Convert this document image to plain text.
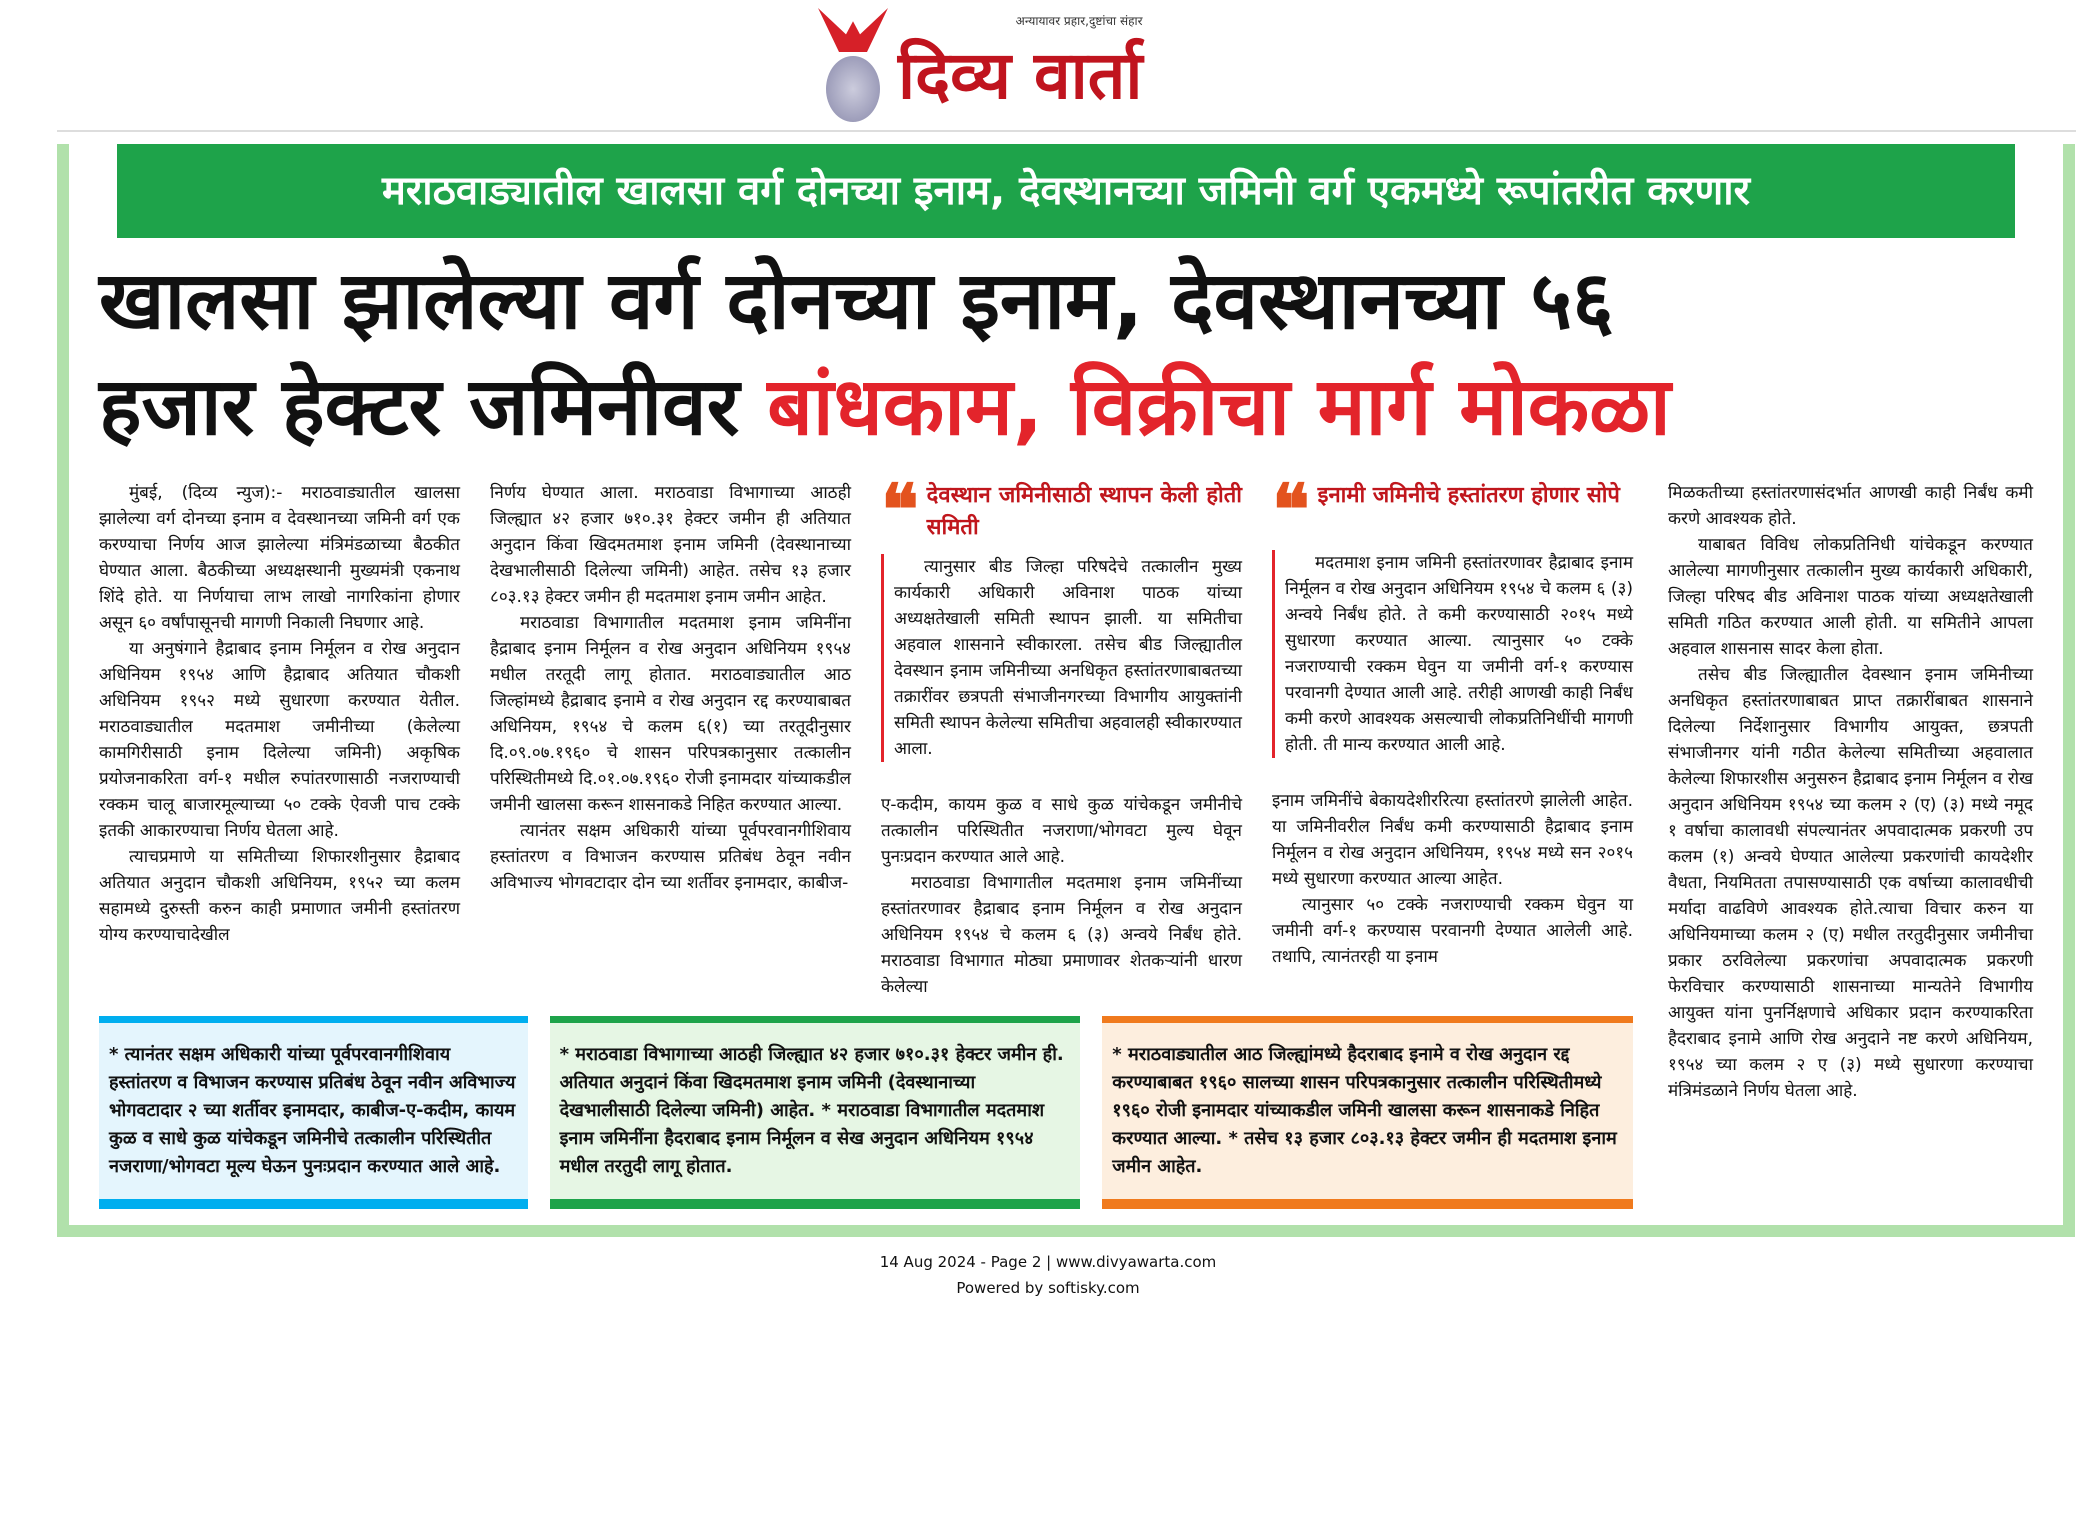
अन्यायावर प्रहार,दुष्टांचा संहार
दिव्य वार्ता
मराठवाड्यातील खालसा वर्ग दोनच्या इनाम, देवस्थानच्या जमिनी वर्ग एकमध्ये रूपांतरीत करणार
खालसा झालेल्या वर्ग दोनच्या इनाम, देवस्थानच्या ५६
हजार हेक्टर जमिनीवर बांधकाम, विक्रीचा मार्ग मोकळा

मुंबई, (दिव्य न्युज):- मराठवाड्यातील खालसा झालेल्या वर्ग दोनच्या इनाम व देवस्थानच्या जमिनी वर्ग एक करण्याचा निर्णय आज झालेल्या मंत्रिमंडळाच्या बैठकीत घेण्यात आला. बैठकीच्या अध्यक्षस्थानी मुख्यमंत्री एकनाथ शिंदे होते. या निर्णयाचा लाभ लाखो नागरिकांना होणार असून ६० वर्षांपासूनची मागणी निकाली निघणार आहे.

या अनुषंगाने हैद्राबाद इनाम निर्मूलन व रोख अनुदान अधिनियम १९५४ आणि हैद्राबाद अतियात चौकशी अधिनियम १९५२ मध्ये सुधारणा करण्यात येतील. मराठवाड्यातील मदतमाश जमीनीच्या (केलेल्या कामगिरीसाठी इनाम दिलेल्या जमिनी) अकृषिक प्रयोजनाकरिता वर्ग-१ मधील रुपांतरणासाठी नजराण्याची रक्कम चालू बाजारमूल्याच्या ५० टक्के ऐवजी पाच टक्के इतकी आकारण्याचा निर्णय घेतला आहे.

त्याचप्रमाणे या समितीच्या शिफारशीनुसार हैद्राबाद अतियात अनुदान चौकशी अधिनियम, १९५२ च्या कलम सहामध्ये दुरुस्ती करुन काही प्रमाणात जमीनी हस्तांतरण योग्य करण्याचादेखील

निर्णय घेण्यात आला. मराठवाडा विभागाच्या आठही जिल्ह्यात ४२ हजार ७१०.३१ हेक्टर जमीन ही अतियात अनुदान किंवा खिदमतमाश इनाम जमिनी (देवस्थानाच्या देखभालीसाठी दिलेल्या जमिनी) आहेत. तसेच १३ हजार ८०३.१३ हेक्टर जमीन ही मदतमाश इनाम जमीन आहेत.

मराठवाडा विभागातील मदतमाश इनाम जमिनींना हैद्राबाद इनाम निर्मूलन व रोख अनुदान अधिनियम १९५४ मधील तरतूदी लागू होतात. मराठवाड्यातील आठ जिल्हांमध्ये हैद्राबाद इनामे व रोख अनुदान रद्द करण्याबाबत अधिनियम, १९५४ चे कलम ६(१) च्या तरतूदीनुसार दि.०९.०७.१९६० चे शासन परिपत्रकानुसार तत्कालीन परिस्थितीमध्ये दि.०१.०७.१९६० रोजी इनामदार यांच्याकडील जमीनी खालसा करून शासनाकडे निहित करण्यात आल्या.

त्यानंतर सक्षम अधिकारी यांच्या पूर्वपरवानगीशिवाय हस्तांतरण व विभाजन करण्यास प्रतिबंध ठेवून नवीन अविभाज्य भोगवटादार दोन च्या शर्तीवर इनामदार, काबीज-

❝ देवस्थान जमिनीसाठी स्थापन केली होती समिती

त्यानुसार बीड जिल्हा परिषदेचे तत्कालीन मुख्य कार्यकारी अधिकारी अविनाश पाठक यांच्या अध्यक्षतेखाली समिती स्थापन झाली. या समितीचा अहवाल शासनाने स्वीकारला. तसेच बीड जिल्ह्यातील देवस्थान इनाम जमिनीच्या अनधिकृत हस्तांतरणाबाबतच्या तक्रारींवर छत्रपती संभाजीनगरच्या विभागीय आयुक्तांनी समिती स्थापन केलेल्या समितीचा अहवालही स्वीकारण्यात आला.

ए-कदीम, कायम कुळ व साधे कुळ यांचेकडून जमीनीचे तत्कालीन परिस्थितीत नजराणा/भोगवटा मुल्य घेवून पुनःप्रदान करण्यात आले आहे.

मराठवाडा विभागातील मदतमाश इनाम जमिनींच्या हस्तांतरणावर हैद्राबाद इनाम निर्मूलन व रोख अनुदान अधिनियम १९५४ चे कलम ६ (३) अन्वये निर्बंध होते. मराठवाडा विभागात मोठ्या प्रमाणावर शेतकऱ्यांनी धारण केलेल्या

❝ इनामी जमिनीचे हस्तांतरण होणार सोपे

मदतमाश इनाम जमिनी हस्तांतरणावर हैद्राबाद इनाम निर्मूलन व रोख अनुदान अधिनियम १९५४ चे कलम ६ (३) अन्वये निर्बंध होते. ते कमी करण्यासाठी २०१५ मध्ये सुधारणा करण्यात आल्या. त्यानुसार ५० टक्के नजराण्याची रक्कम घेवुन या जमीनी वर्ग-१ करण्यास परवानगी देण्यात आली आहे. तरीही आणखी काही निर्बंध कमी करणे आवश्यक असल्याची लोकप्रतिनिधींची मागणी होती. ती मान्य करण्यात आली आहे.

इनाम जमिनींचे बेकायदेशीररित्या हस्तांतरणे झालेली आहेत. या जमिनीवरील निर्बंध कमी करण्यासाठी हैद्राबाद इनाम निर्मूलन व रोख अनुदान अधिनियम, १९५४ मध्ये सन २०१५ मध्ये सुधारणा करण्यात आल्या आहेत.

त्यानुसार ५० टक्के नजराण्याची रक्कम घेवुन या जमीनी वर्ग-१ करण्यास परवानगी देण्यात आलेली आहे. तथापि, त्यानंतरही या इनाम

* त्यानंतर सक्षम अधिकारी यांच्या पूर्वपरवानगीशिवाय हस्तांतरण व विभाजन करण्यास प्रतिबंध ठेवून नवीन अविभाज्य भोगवटादार २ च्या शर्तीवर इनामदार, काबीज-ए-कदीम, कायम कुळ व साधे कुळ यांचेकडून जमिनीचे तत्कालीन परिस्थितीत नजराणा/भोगवटा मूल्य घेऊन पुनःप्रदान करण्यात आले आहे.
* मराठवाडा विभागाच्या आठही जिल्ह्यात ४२ हजार ७१०.३१ हेक्टर जमीन ही. अतियात अनुदानं किंवा खिदमतमाश इनाम जमिनी (देवस्थानाच्या देखभालीसाठी दिलेल्या जमिनी) आहेत. * मराठवाडा विभागातील मदतमाश इनाम जमिनींना हैदराबाद इनाम निर्मूलन व सेख अनुदान अधिनियम १९५४ मधील तरतुदी लागू होतात.
* मराठवाड्यातील आठ जिल्ह्यांमध्ये हैदराबाद इनामे व रोख अनुदान रद्द करण्याबाबत १९६० सालच्या शासन परिपत्रकानुसार तत्कालीन परिस्थितीमध्ये १९६० रोजी इनामदार यांच्याकडील जमिनी खालसा करून शासनाकडे निहित करण्यात आल्या. * तसेच १३ हजार ८०३.१३ हेक्टर जमीन ही मदतमाश इनाम जमीन आहेत.

मिळकतीच्या हस्तांतरणासंदर्भात आणखी काही निर्बंध कमी करणे आवश्यक होते.

याबाबत विविध लोकप्रतिनिधी यांचेकडून करण्यात आलेल्या मागणीनुसार तत्कालीन मुख्य कार्यकारी अधिकारी, जिल्हा परिषद बीड अविनाश पाठक यांच्या अध्यक्षतेखाली समिती गठित करण्यात आली होती. या समितीने आपला अहवाल शासनास सादर केला होता.

तसेच बीड जिल्ह्यातील देवस्थान इनाम जमिनीच्या अनधिकृत हस्तांतरणाबाबत प्राप्त तक्रारींबाबत शासनाने दिलेल्या निर्देशानुसार विभागीय आयुक्त, छत्रपती संभाजीनगर यांनी गठीत केलेल्या समितीच्या अहवालात केलेल्या शिफारशीस अनुसरुन हैद्राबाद इनाम निर्मूलन व रोख अनुदान अधिनियम १९५४ च्या कलम २ (ए) (३) मध्ये नमूद १ वर्षाचा कालावधी संपल्यानंतर अपवादात्मक प्रकरणी उप कलम (१) अन्वये घेण्यात आलेल्या प्रकरणांची कायदेशीर वैधता, नियमितता तपासण्यासाठी एक वर्षाच्या कालावधीची मर्यादा वाढविणे आवश्यक होते.त्याचा विचार करुन या अधिनियमाच्या कलम २ (ए) मधील तरतुदीनुसार जमीनीचा प्रकार ठरविलेल्या प्रकरणांचा अपवादात्मक प्रकरणी फेरविचार करण्यासाठी शासनाच्या मान्यतेने विभागीय आयुक्त यांना पुनर्निक्षणाचे अधिकार प्रदान करण्याकरिता हैदराबाद इनामे आणि रोख अनुदाने नष्ट करणे अधिनियम, १९५४ च्या कलम २ ए (३) मध्ये सुधारणा करण्याचा मंत्रिमंडळाने निर्णय घेतला आहे.

14 Aug 2024 - Page 2 | www.divyawarta.com
Powered by softisky.com
